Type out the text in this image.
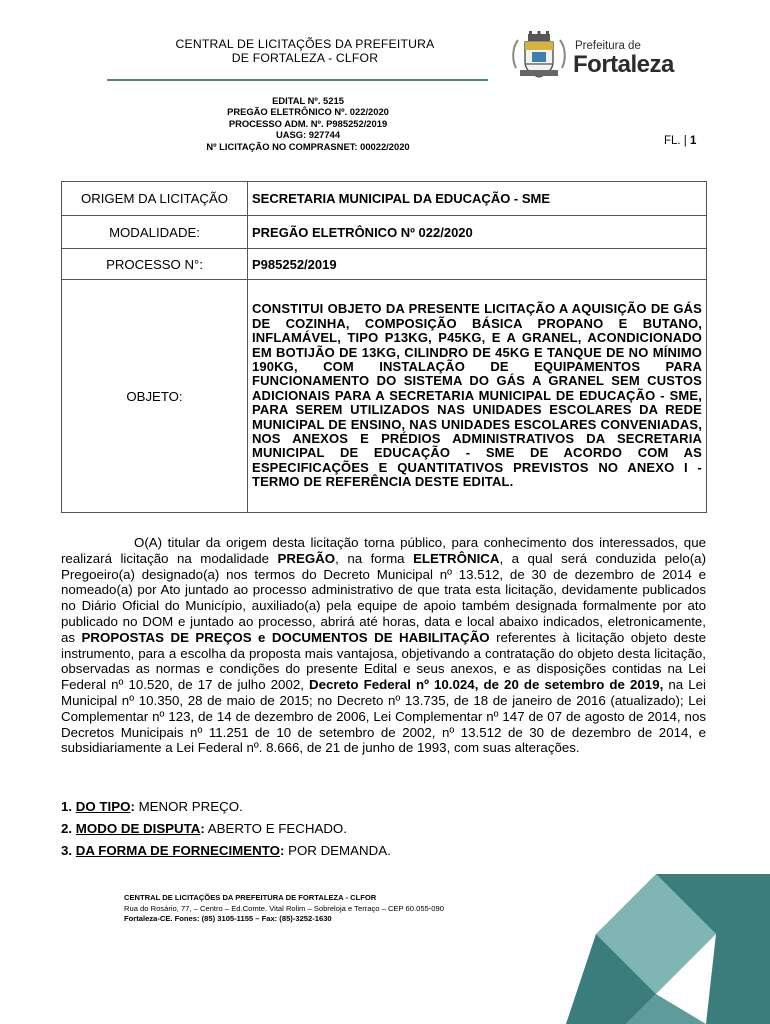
CENTRAL DE LICITAÇÕES DA PREFEITURA
DE FORTALEZA - CLFOR
Prefeitura de
Fortaleza
EDITAL Nº. 5215
PREGÃO ELETRÔNICO Nº. 022/2020
PROCESSO ADM. Nº. P985252/2019
UASG: 927744
Nº LICITAÇÃO NO COMPRASNET: 00022/2020	FL. | 1
ORIGEM DA LICITAÇÃO	SECRETARIA MUNICIPAL DA EDUCAÇÃO - SME
MODALIDADE:	PREGÃO ELETRÔNICO Nº 022/2020
PROCESSO N°:	P985252/2019
OBJETO:	CONSTITUI OBJETO DA PRESENTE LICITAÇÃO A AQUISIÇÃO DE GÁS DE COZINHA, COMPOSIÇÃO BÁSICA PROPANO E BUTANO, INFLAMÁVEL, TIPO P13KG, P45KG, E A GRANEL, ACONDICIONADO EM BOTIJÃO DE 13KG, CILINDRO DE 45KG E TANQUE DE NO MÍNIMO 190KG, COM INSTALAÇÃO DE EQUIPAMENTOS PARA FUNCIONAMENTO DO SISTEMA DO GÁS A GRANEL SEM CUSTOS ADICIONAIS PARA A SECRETARIA MUNICIPAL DE EDUCAÇÃO - SME, PARA SEREM UTILIZADOS NAS UNIDADES ESCOLARES DA REDE MUNICIPAL DE ENSINO, NAS UNIDADES ESCOLARES CONVENIADAS, NOS ANEXOS E PRÉDIOS ADMINISTRATIVOS DA SECRETARIA MUNICIPAL DE EDUCAÇÃO - SME DE ACORDO COM AS ESPECIFICAÇÕES E QUANTITATIVOS PREVISTOS NO ANEXO I - TERMO DE REFERÊNCIA DESTE EDITAL.
O(A) titular da origem desta licitação torna público, para conhecimento dos interessados, que realizará licitação na modalidade PREGÃO, na forma ELETRÔNICA, a qual será conduzida pelo(a) Pregoeiro(a) designado(a) nos termos do Decreto Municipal nº 13.512, de 30 de dezembro de 2014 e nomeado(a) por Ato juntado ao processo administrativo de que trata esta licitação, devidamente publicados no Diário Oficial do Município, auxiliado(a) pela equipe de apoio também designada formalmente por ato publicado no DOM e juntado ao processo, abrirá até horas, data e local abaixo indicados, eletronicamente, as PROPOSTAS DE PREÇOS e DOCUMENTOS DE HABILITAÇÃO referentes à licitação objeto deste instrumento, para a escolha da proposta mais vantajosa, objetivando a contratação do objeto desta licitação, observadas as normas e condições do presente Edital e seus anexos, e as disposições contidas na Lei Federal nº 10.520, de 17 de julho 2002, Decreto Federal nº 10.024, de 20 de setembro de 2019, na Lei Municipal nº 10.350, 28 de maio de 2015; no Decreto nº 13.735, de 18 de janeiro de 2016 (atualizado); Lei Complementar nº 123, de 14 de dezembro de 2006, Lei Complementar nº 147 de 07 de agosto de 2014, nos Decretos Municipais nº 11.251 de 10 de setembro de 2002, nº 13.512 de 30 de dezembro de 2014, e subsidiariamente a Lei Federal nº. 8.666, de 21 de junho de 1993, com suas alterações.
1. DO TIPO: MENOR PREÇO.
2. MODO DE DISPUTA: ABERTO E FECHADO.
3. DA FORMA DE FORNECIMENTO: POR DEMANDA.
CENTRAL DE LICITAÇÕES DA PREFEITURA DE FORTALEZA - CLFOR
Rua do Rosário, 77, – Centro – Ed.Comte. Vital Rolim – Sobreloja e Terraço – CEP 60.055-090
Fortaleza-CE. Fones: (85) 3105-1155 – Fax: (85)-3252-1630
